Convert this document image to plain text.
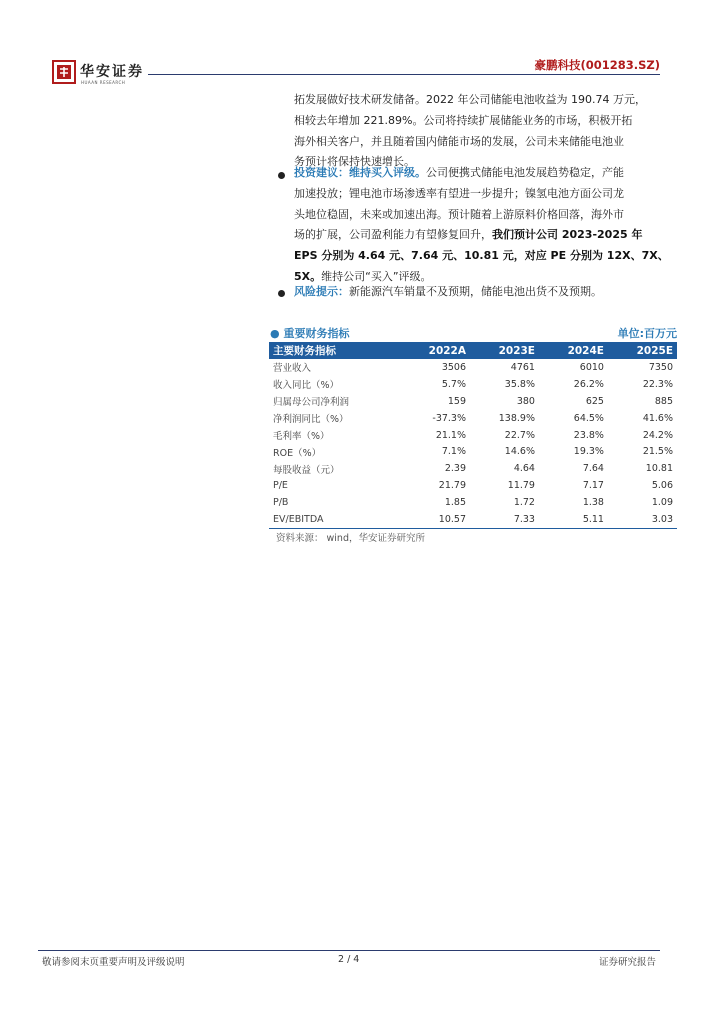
华安证券
HUAAN RESEARCH
豪鹏科技(001283.SZ)

拓发展做好技术研发储备。2022 年公司储能电池收益为 190.74 万元，
相较去年增加 221.89%。公司将持续扩展储能业务的市场，积极开拓
海外相关客户，并且随着国内储能市场的发展，公司未来储能电池业
务预计将保持快速增长。

投资建议：维持买入评级。公司便携式储能电池发展趋势稳定，产能
加速投放；锂电池市场渗透率有望进一步提升；镍氢电池方面公司龙
头地位稳固，未来或加速出海。预计随着上游原料价格回落，海外市
场的扩展，公司盈利能力有望修复回升，我们预计公司 2023-2025 年
EPS 分别为 4.64 元、7.64 元、10.81 元，对应 PE 分别为 12X、7X、
5X。维持公司“买入”评级。

风险提示：新能源汽车销量不及预期，储能电池出货不及预期。

● 重要财务指标	单位:百万元
主要财务指标	2022A	2023E	2024E	2025E
营业收入	3506	4761	6010	7350
收入同比（%）	5.7%	35.8%	26.2%	22.3%
归属母公司净利润	159	380	625	885
净利润同比（%）	-37.3%	138.9%	64.5%	41.6%
毛利率（%）	21.1%	22.7%	23.8%	24.2%
ROE（%）	7.1%	14.6%	19.3%	21.5%
每股收益（元）	2.39	4.64	7.64	10.81
P/E	21.79	11.79	7.17	5.06
P/B	1.85	1.72	1.38	1.09
EV/EBITDA	10.57	7.33	5.11	3.03
资料来源： wind，华安证券研究所
敬请参阅末页重要声明及评级说明	2 / 4	证券研究报告
